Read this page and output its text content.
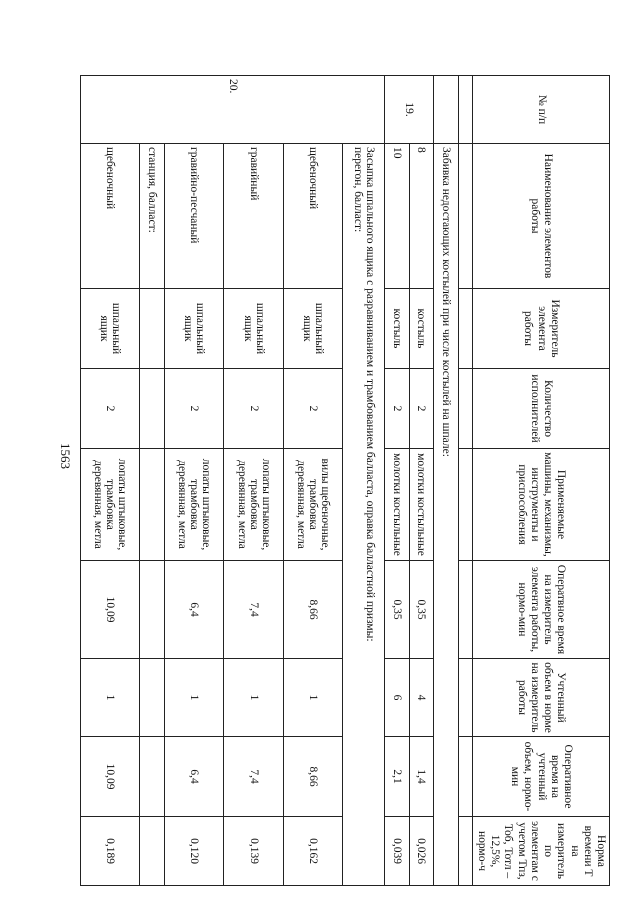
1563
№ п/п	Наименование элементов работы	Измеритель элемента работы	Количество исполнителей	Применяемые машины, механизмы, инструменты и приспособления	Оператвное время на измеритель элемента работы, нормо-мин	Учтенный объем в норме на измеритель работы	Оперативное время на учтенный объем, нормо-мин	Норма времени Т на измеритель по элементам с учетом Тпз, Тоб, Тотл – 12,5%, нормо-ч

	Забивка недостающих костылей при числе костылей на шпале:							
19.	8	костыль	2	молотки костыльные	0,35	4	1,4	0,026
	10	костыль	2	молотки костыльные	0,35	6	2,1	0,039
20.	Засыпка шпального ящика с разравниванием и трамбованием балласта, оправка балластной призмы:
перегон, балласт:							
	щебеночный	шпальный ящик	2	вилы щебеночные, трамбовка деревянная, метла	8,66	1	8,66	0,162
	гравийный	шпальный ящик	2	лопаты штыковые, трамбовка деревянная, метла	7,4	1	7,4	0,139
	гравийно-песчаный	шпальный ящик	2	лопаты штыковые, трамбовка деревянная, метла	6,4	1	6,4	0,120
	станция, балласт:							
	щебеночный	шпальный ящик	2	лопаты штыковые, трамбовка деревянная, метла	10,09	1	10,09	0,189
